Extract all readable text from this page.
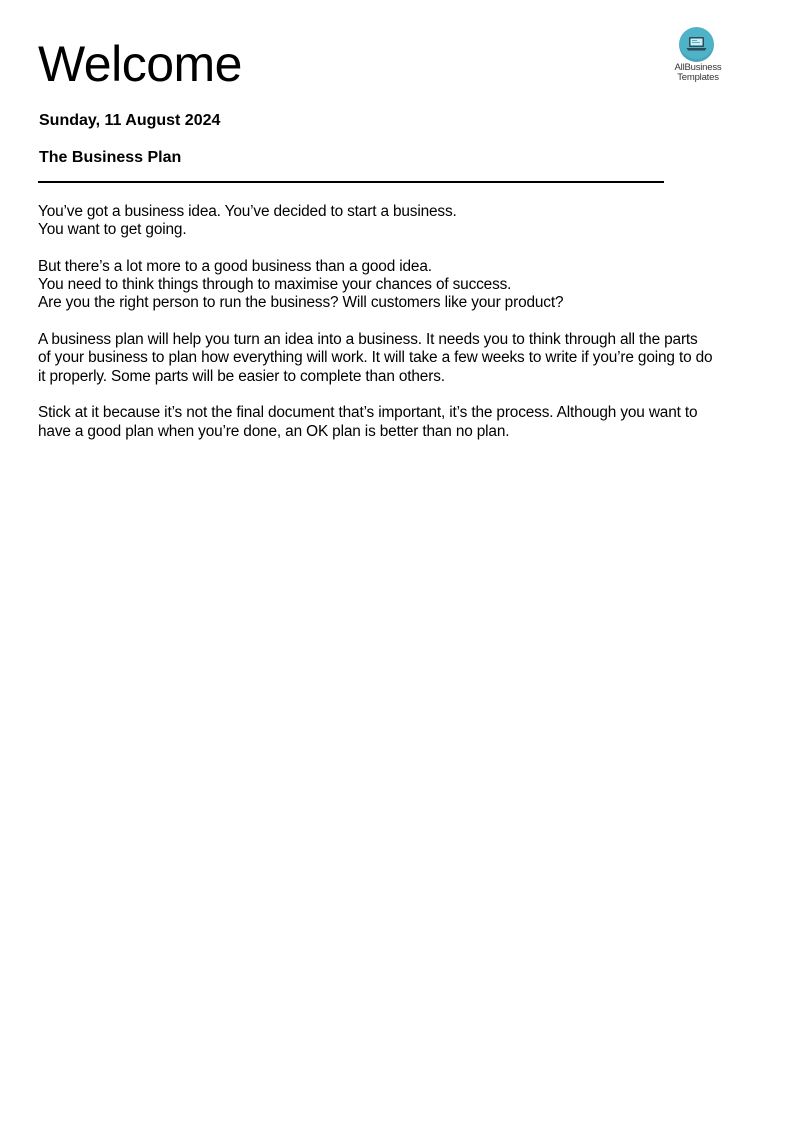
Welcome	AllBusiness
Templates
Sunday, 11 August 2024
The Business Plan

You’ve got a business idea. You’ve decided to start a business.
You want to get going.

But there’s a lot more to a good business than a good idea.
You need to think things through to maximise your chances of success.
Are you the right person to run the business? Will customers like your product?

A business plan will help you turn an idea into a business. It needs you to think through all the parts
of your business to plan how everything will work. It will take a few weeks to write if you’re going to do
it properly. Some parts will be easier to complete than others.

Stick at it because it’s not the final document that’s important, it’s the process. Although you want to
have a good plan when you’re done, an OK plan is better than no plan.
